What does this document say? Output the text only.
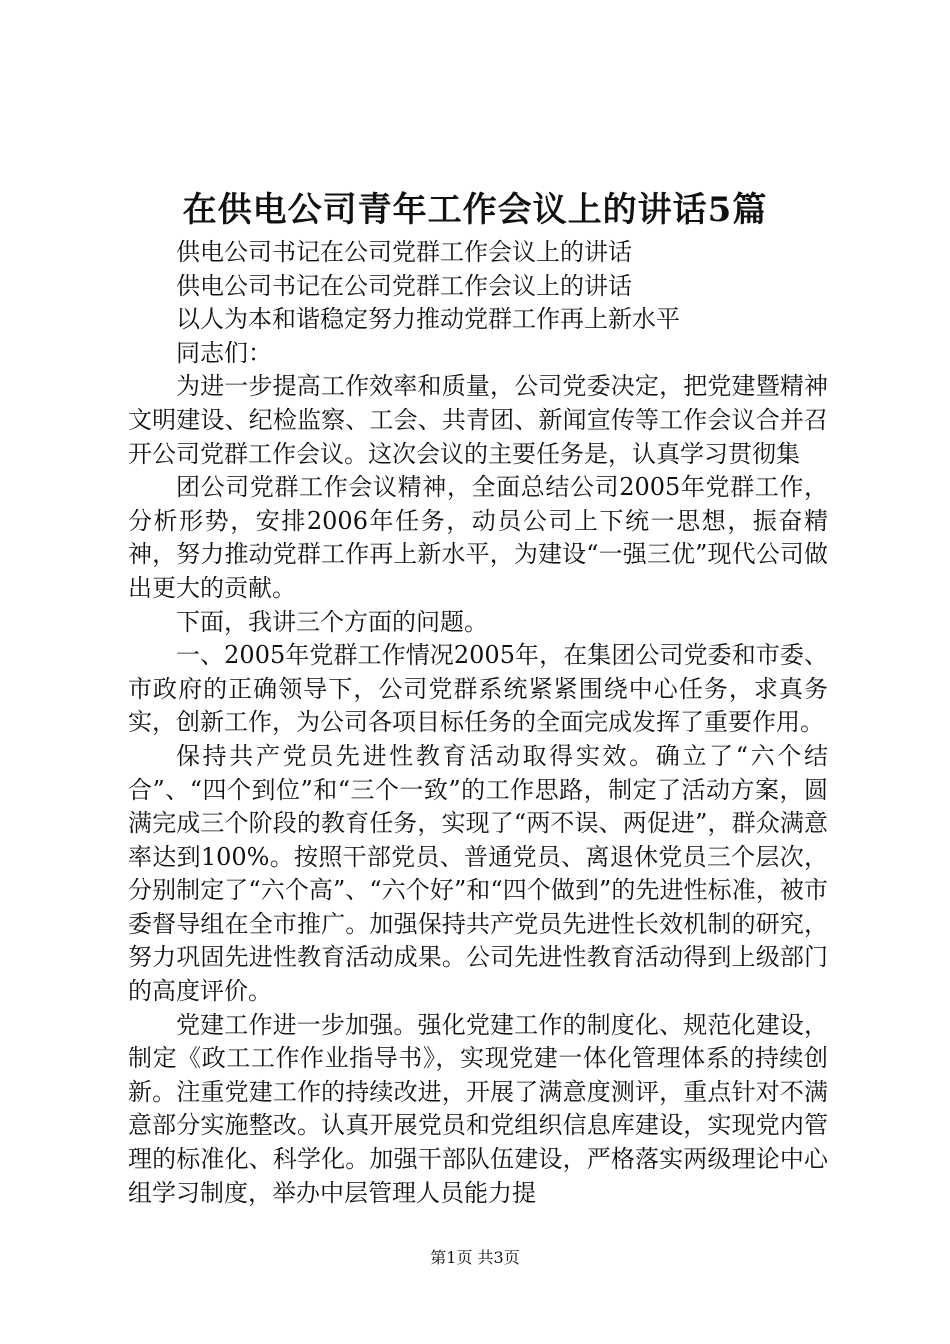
在供电公司青年工作会议上的讲话5篇

供电公司书记在公司党群工作会议上的讲话

供电公司书记在公司党群工作会议上的讲话

以人为本和谐稳定努力推动党群工作再上新水平

同志们：

为进一步提高工作效率和质量，公司党委决定，把党建暨精神文明建设、纪检监察、工会、共青团、新闻宣传等工作会议合并召开公司党群工作会议。这次会议的主要任务是，认真学习贯彻集

团公司党群工作会议精神，全面总结公司2005年党群工作，分析形势，安排2006年任务，动员公司上下统一思想，振奋精神，努力推动党群工作再上新水平，为建设“一强三优”现代公司做出更大的贡献。

下面，我讲三个方面的问题。

一、2005年党群工作情况2005年，在集团公司党委和市委、市政府的正确领导下，公司党群系统紧紧围绕中心任务，求真务实，创新工作，为公司各项目标任务的全面完成发挥了重要作用。

保持共产党员先进性教育活动取得实效。确立了“六个结合”、“四个到位”和“三个一致”的工作思路，制定了活动方案，圆满完成三个阶段的教育任务，实现了“两不误、两促进”，群众满意率达到100%。按照干部党员、普通党员、离退休党员三个层次，分别制定了“六个高”、“六个好”和“四个做到”的先进性标准，被市委督导组在全市推广。加强保持共产党员先进性长效机制的研究，努力巩固先进性教育活动成果。公司先进性教育活动得到上级部门的高度评价。

党建工作进一步加强。强化党建工作的制度化、规范化建设，制定《政工工作作业指导书》，实现党建一体化管理体系的持续创新。注重党建工作的持续改进，开展了满意度测评，重点针对不满意部分实施整改。认真开展党员和党组织信息库建设，实现党内管理的标准化、科学化。加强干部队伍建设，严格落实两级理论中心组学习制度，举办中层管理人员能力提

第1页 共3页
